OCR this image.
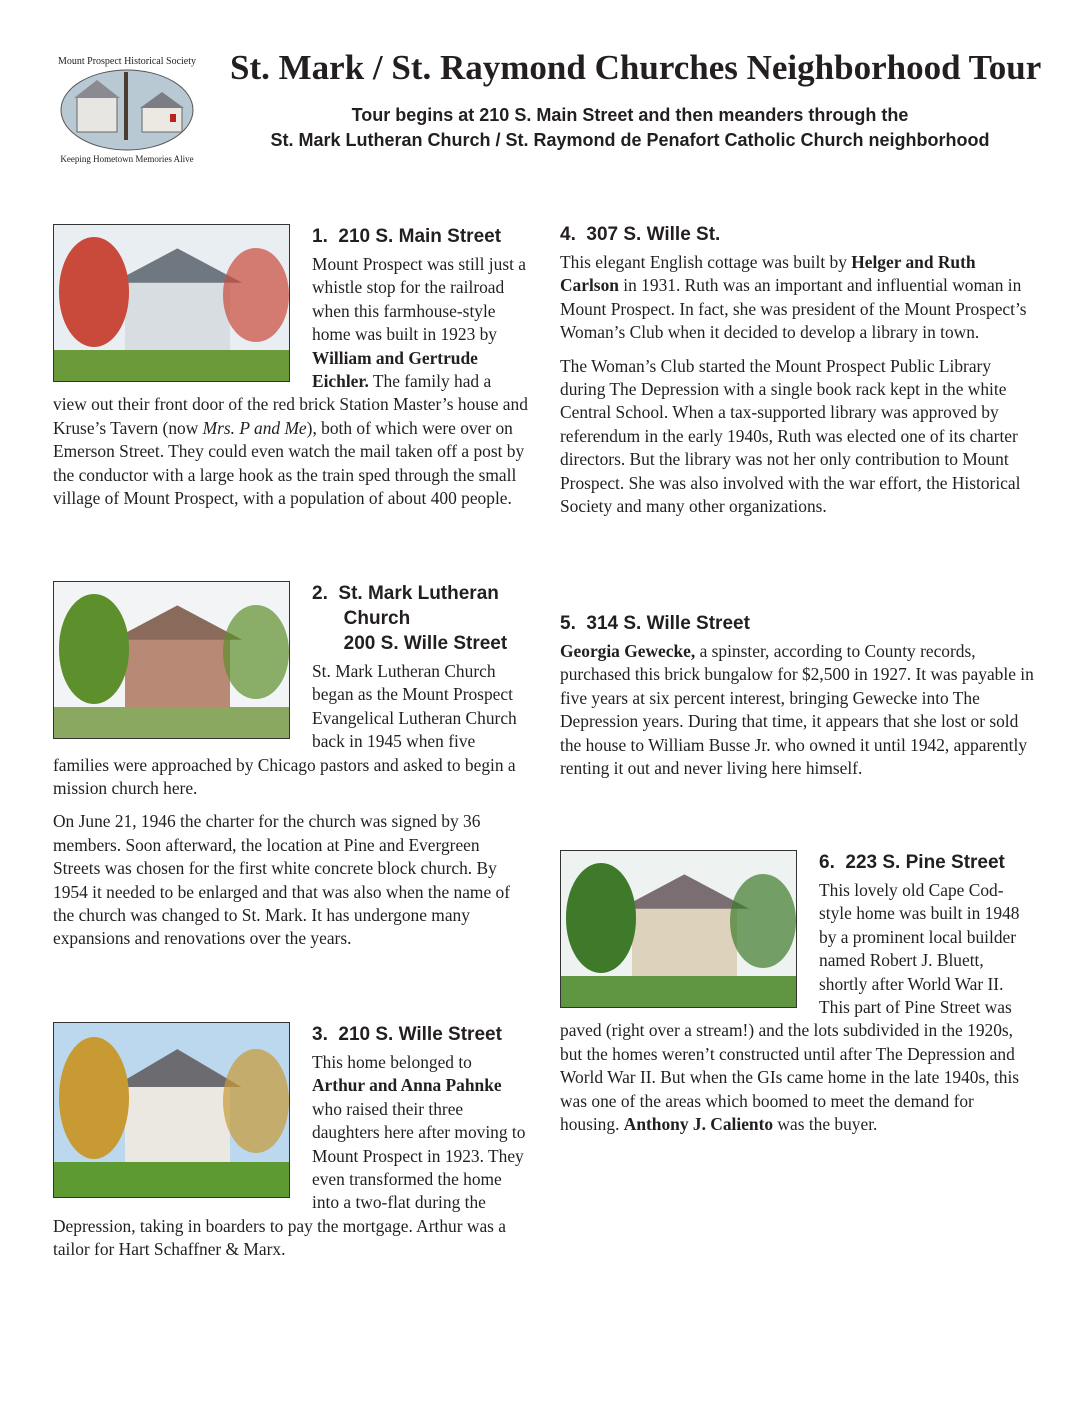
Mount Prospect Historical Society
Keeping Hometown Memories Alive
St. Mark / St. Raymond Churches Neighborhood Tour
Tour begins at 210 S. Main Street and then meanders through the
St. Mark Lutheran Church / St. Raymond de Penafort Catholic Church neighborhood
1.  210 S. Main Street

Mount Prospect was still just a whistle stop for the railroad when this farmhouse-style home was built in 1923 by William and Gertrude Eichler. The family had a view out their front door of the red brick Station Master’s house and Kruse’s Tavern (now Mrs. P and Me), both of which were over on Emerson Street. They could even watch the mail taken off a post by the conductor with a large hook as the train sped through the small village of Mount Prospect, with a population of about 400 people.

2.  St. Mark Lutheran
Church
200 S. Wille Street

St. Mark Lutheran Church began as the Mount Prospect Evangelical Lutheran Church back in 1945 when five families were approached by Chicago pastors and asked to begin a mission church here.

On June 21, 1946 the charter for the church was signed by 36 members. Soon afterward, the location at Pine and Evergreen Streets was chosen for the first white concrete block church. By 1954 it needed to be enlarged and that was also when the name of the church was changed to St. Mark. It has undergone many expansions and renovations over the years.

3.  210 S. Wille Street

This home belonged to Arthur and Anna Pahnke who raised their three daughters here after moving to Mount Prospect in 1923. They even transformed the home into a two-flat during the Depression, taking in boarders to pay the mortgage. Arthur was a tailor for Hart Schaffner & Marx.

4.  307 S. Wille St.

This elegant English cottage was built by Helger and Ruth Carlson in 1931. Ruth was an important and influential woman in Mount Prospect. In fact, she was president of the Mount Prospect’s Woman’s Club when it decided to develop a library in town.

The Woman’s Club started the Mount Prospect Public Library during The Depression with a single book rack kept in the white Central School. When a tax-supported library was approved by referendum in the early 1940s, Ruth was elected one of its charter directors. But the library was not her only contribution to Mount Prospect. She was also involved with the war effort, the Historical Society and many other organizations.

5.  314 S. Wille Street

Georgia Gewecke, a spinster, according to County records, purchased this brick bungalow for $2,500 in 1927. It was payable in five years at six percent interest, bringing Gewecke into The Depression years. During that time, it appears that she lost or sold the house to William Busse Jr. who owned it until 1942, apparently renting it out and never living here himself.

6.  223 S. Pine Street

This lovely old Cape Cod-style home was built in 1948 by a prominent local builder named Robert J. Bluett, shortly after World War II. This part of Pine Street was paved (right over a stream!) and the lots subdivided in the 1920s, but the homes weren’t constructed until after The Depression and World War II. But when the GIs came home in the late 1940s, this was one of the areas which boomed to meet the demand for housing. Anthony J. Caliento was the buyer.
